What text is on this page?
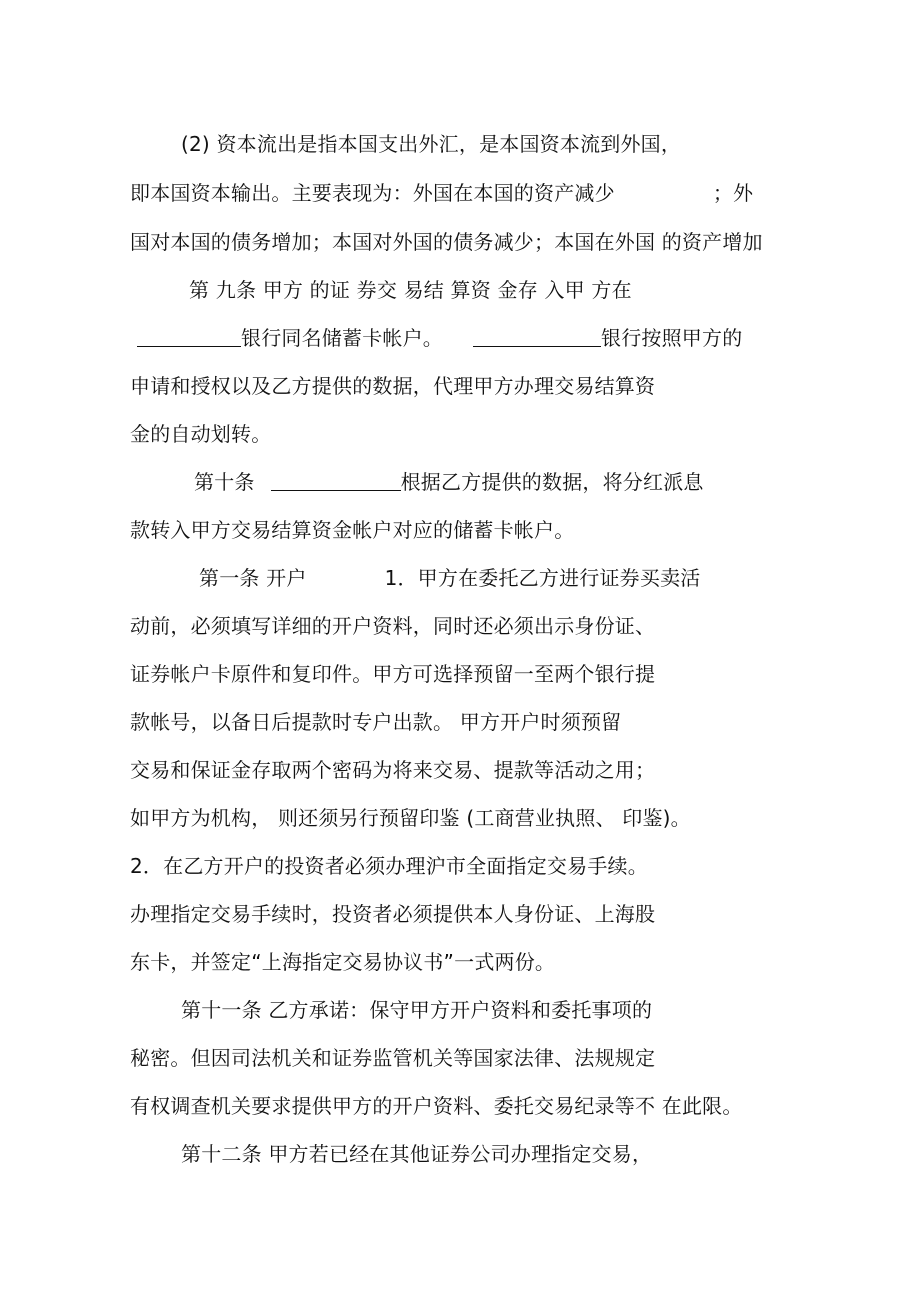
(2) 资本流出是指本国支出外汇，是本国资本流到外国，
即本国资本输出。主要表现为：外国在本国的资产减少	；外
国对本国的债务增加；本国对外国的债务减少；本国在外国 的资产增加
第 九条 甲方 的证 券交 易结 算资 金存 入甲 方在
银行同名储蓄卡帐户。	银行按照甲方的
申请和授权以及乙方提供的数据，代理甲方办理交易结算资
金的自动划转。
第十条	根据乙方提供的数据，将分红派息
款转入甲方交易结算资金帐户对应的储蓄卡帐户。
第一条 开户	1．甲方在委托乙方进行证券买卖活
动前，必须填写详细的开户资料，同时还必须出示身份证、
证券帐户卡原件和复印件。甲方可选择预留一至两个银行提
款帐号，以备日后提款时专户出款。 甲方开户时须预留
交易和保证金存取两个密码为将来交易、提款等活动之用；
如甲方为机构， 则还须另行预留印鉴 (工商营业执照、 印鉴)。
2．在乙方开户的投资者必须办理沪市全面指定交易手续。
办理指定交易手续时，投资者必须提供本人身份证、上海股
东卡，并签定“上海指定交易协议书”一式两份。
第十一条 乙方承诺：保守甲方开户资料和委托事项的
秘密。但因司法机关和证券监管机关等国家法律、法规规定
有权调查机关要求提供甲方的开户资料、委托交易纪录等不 在此限。
第十二条 甲方若已经在其他证券公司办理指定交易，
